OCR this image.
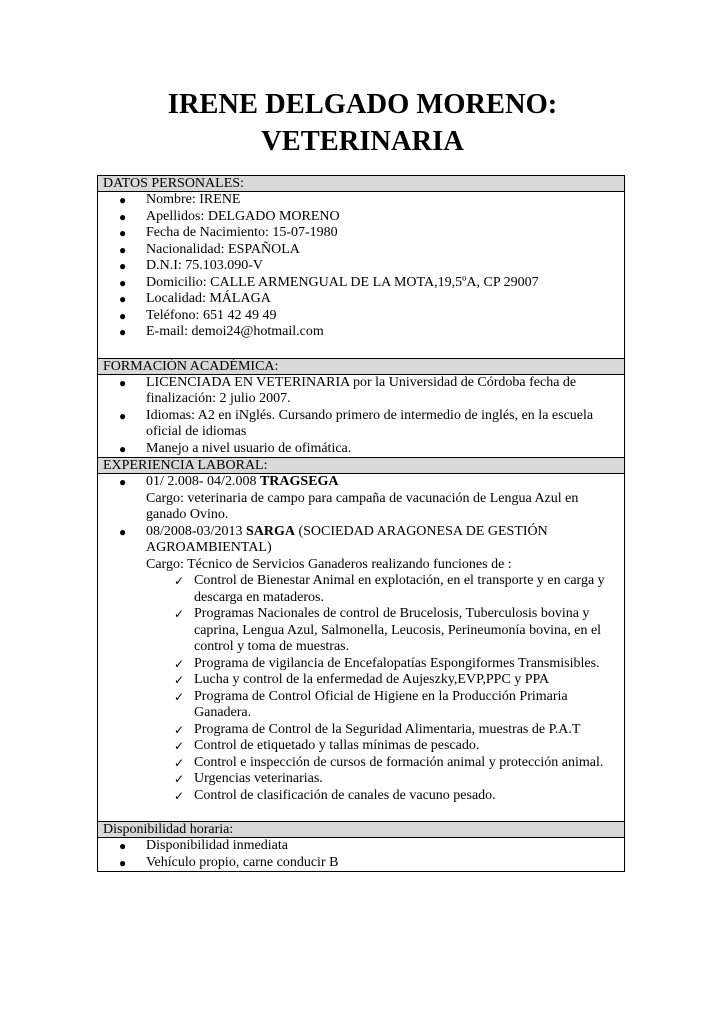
IRENE DELGADO MORENO:
VETERINARIA
DATOS PERSONALES:
● Nombre: IRENE
● Apellidos: DELGADO MORENO
● Fecha de Nacimiento: 15-07-1980
● Nacionalidad: ESPAÑOLA
● D.N.I: 75.103.090-V
● Domicilio: CALLE ARMENGUAL DE LA MOTA,19,5ºA, CP 29007
● Localidad: MÁLAGA
● Teléfono: 651 42 49 49
● E-mail: demoi24@hotmail.com
FORMACIÓN ACADÉMICA:
● LICENCIADA EN VETERINARIA por la Universidad de Córdoba fecha de finalización: 2 julio 2007.
● Idiomas: A2 en iNglés. Cursando primero de intermedio de inglés, en la escuela oficial de idiomas
● Manejo a nivel usuario de ofimática.
EXPERIENCIA LABORAL:
● 01/ 2.008- 04/2.008 TRAGSEGA
Cargo: veterinaria de campo para campaña de vacunación de Lengua Azul en ganado Ovino.
● 08/2008-03/2013 SARGA (SOCIEDAD ARAGONESA DE GESTIÓN AGROAMBIENTAL)
Cargo: Técnico de Servicios Ganaderos realizando funciones de :
✓ Control de Bienestar Animal en explotación, en el transporte y en carga y descarga en mataderos.
✓ Programas Nacionales de control de Brucelosis, Tuberculosis bovina y caprina, Lengua Azul, Salmonella, Leucosis, Perineumonía bovina, en el control y toma de muestras.
✓ Programa de vigilancia de Encefalopatías Espongiformes Transmisibles.
✓ Lucha y control de la enfermedad de Aujeszky,EVP,PPC y PPA
✓ Programa de Control Oficial de Higiene en la Producción Primaria Ganadera.
✓ Programa de Control de la Seguridad Alimentaria, muestras de P.A.T
✓ Control de etiquetado y tallas mínimas de pescado.
✓ Control e inspección de cursos de formación animal y protección animal.
✓ Urgencias veterinarias.
✓ Control de clasificación de canales de vacuno pesado.
Disponibilidad horaria:
● Disponibilidad inmediata
● Vehículo propio, carne conducir B
